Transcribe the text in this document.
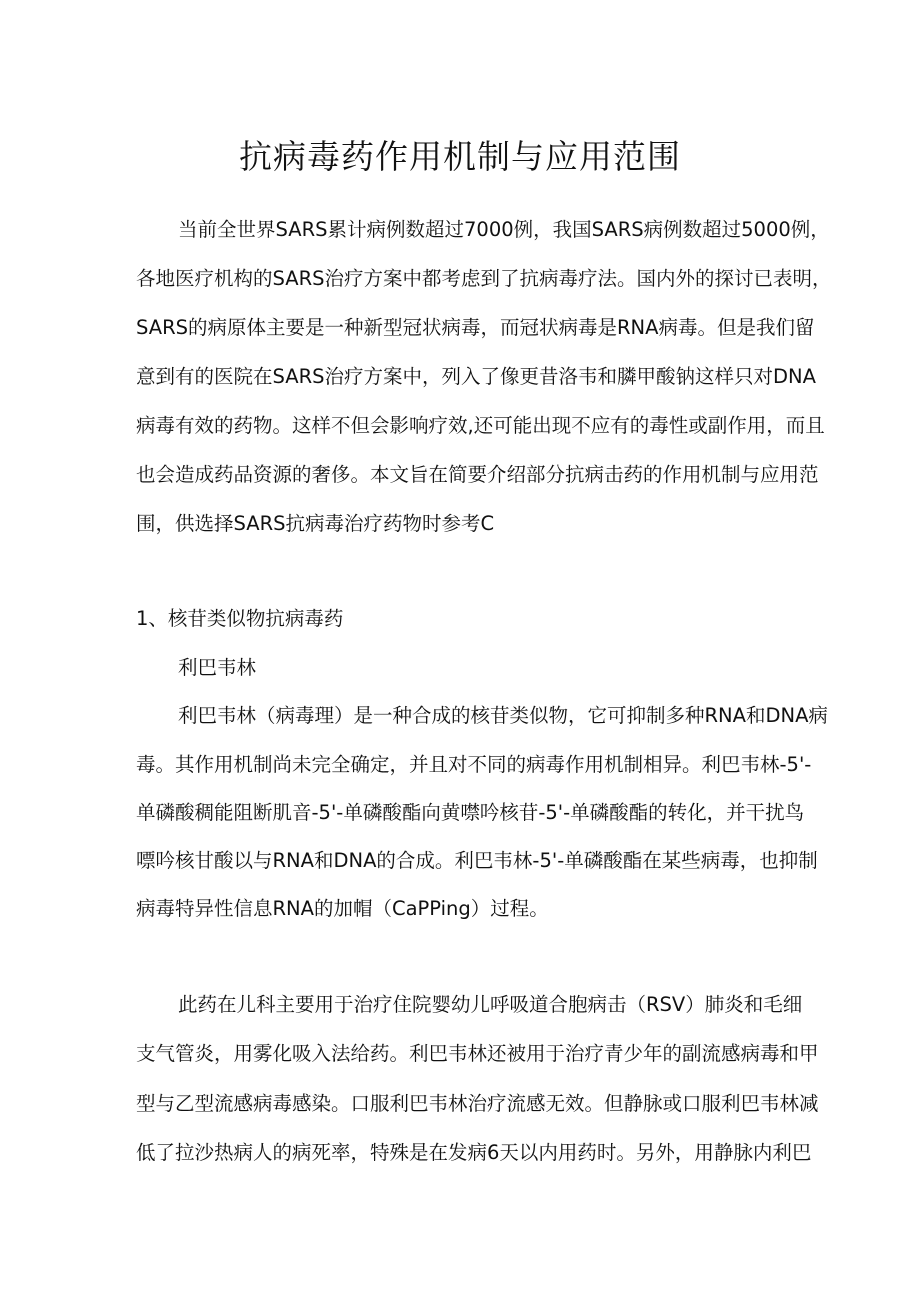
抗病毒药作用机制与应用范围
当前全世界SARS累计病例数超过7000例，我国SARS病例数超过5000例，
各地医疗机构的SARS治疗方案中都考虑到了抗病毒疗法。国内外的探讨已表明，
SARS的病原体主要是一种新型冠状病毒，而冠状病毒是RNA病毒。但是我们留
意到有的医院在SARS治疗方案中，列入了像更昔洛韦和膦甲酸钠这样只对DNA
病毒有效的药物。这样不但会影响疗效,还可能出现不应有的毒性或副作用，而且
也会造成药品资源的奢侈。本文旨在简要介绍部分抗病击药的作用机制与应用范
围，供选择SARS抗病毒治疗药物时参考C
1、核苷类似物抗病毒药
利巴韦林
利巴韦林（病毒理）是一种合成的核苷类似物，它可抑制多种RNA和DNA病
毒。其作用机制尚未完全确定，并且对不同的病毒作用机制相异。利巴韦林-5'-
单磷酸稠能阻断肌音-5'-单磷酸酯向黄噤吟核苷-5'-单磷酸酯的转化，并干扰鸟
嘌吟核甘酸以与RNA和DNA的合成。利巴韦林-5'-单磷酸酯在某些病毒，也抑制
病毒特异性信息RNA的加帽（CaPPing）过程。
此药在儿科主要用于治疗住院婴幼儿呼吸道合胞病击（RSV）肺炎和毛细
支气管炎，用雾化吸入法给药。利巴韦林还被用于治疗青少年的副流感病毒和甲
型与乙型流感病毒感染。口服利巴韦林治疗流感无效。但静脉或口服利巴韦林减
低了拉沙热病人的病死率，特殊是在发病6天以内用药时。另外，用静脉内利巴
